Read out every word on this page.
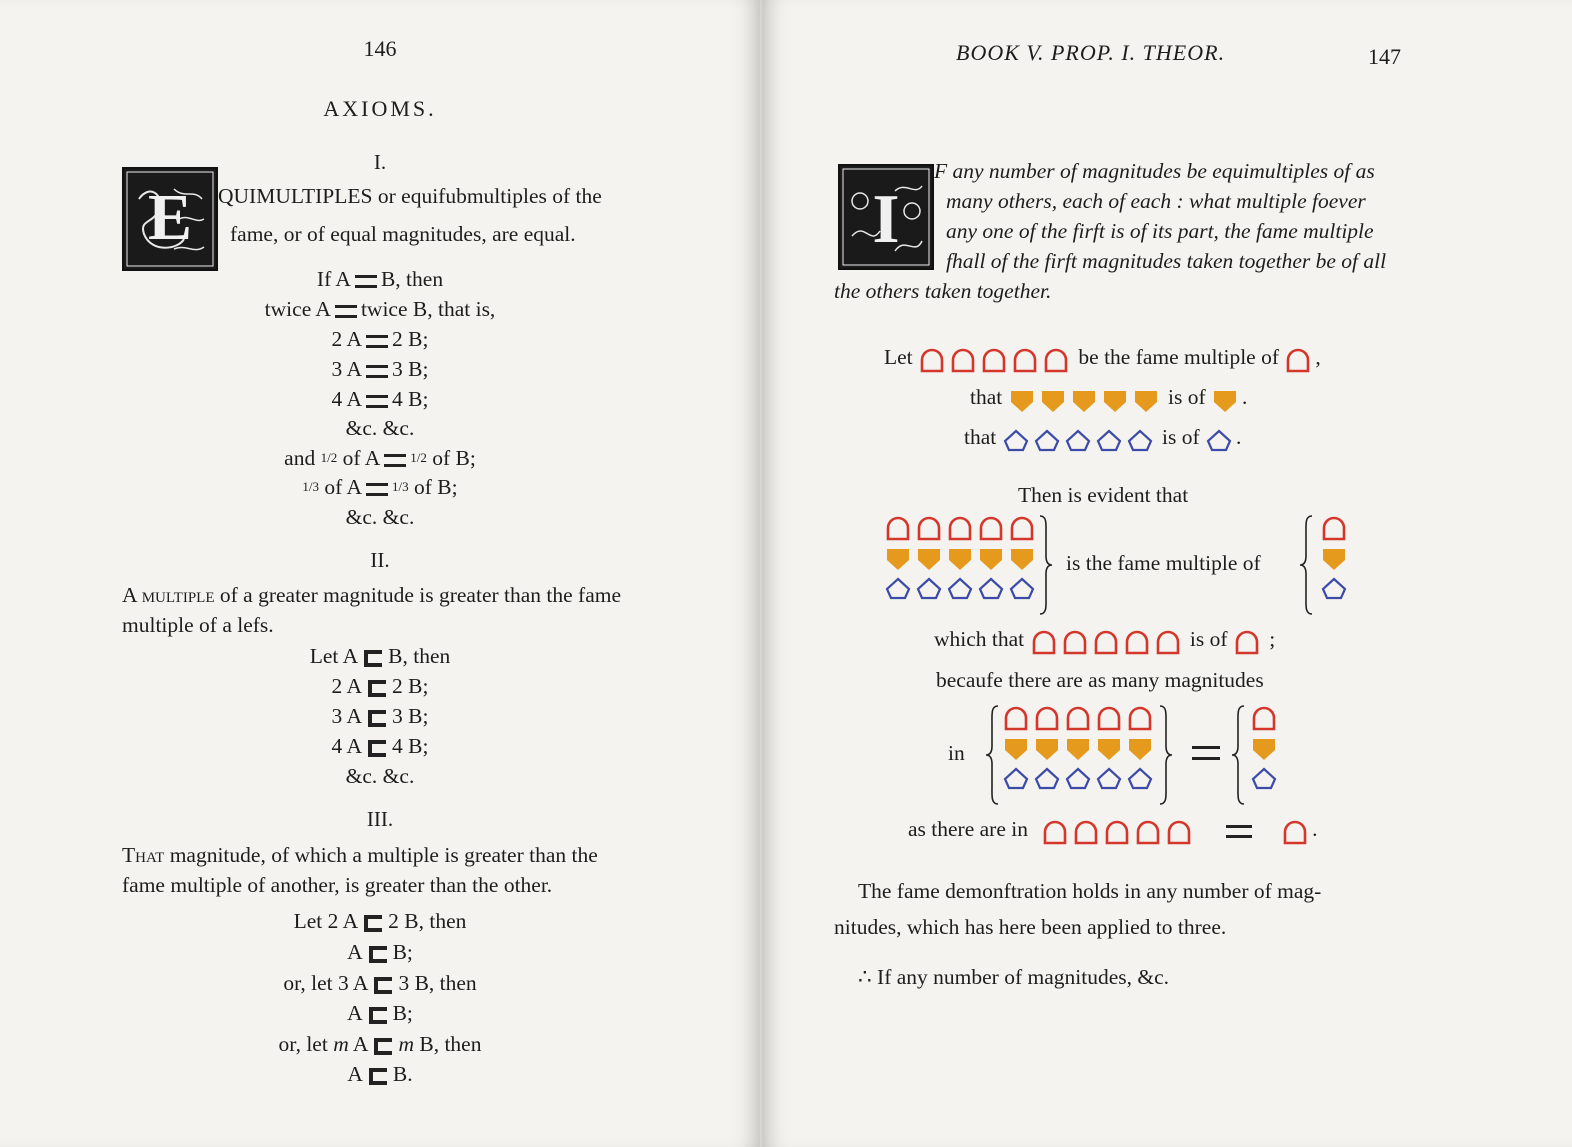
146
AXIOMS.
I.
E QUIMULTIPLES or equifubmultiples of the
fame, or of equal magnitudes, are equal.
If A B, then
twice A twice B, that is,
2 A 2 B;
3 A 3 B;
4 A 4 B;
&c. &c.
and 1/2 of A 1/2 of B;
1/3 of A 1/3 of B;
&c. &c.
II.
A multiple of a greater magnitude is greater than the fame
multiple of a lefs.
Let A B, then
2 A 2 B;
3 A 3 B;
4 A 4 B;
&c. &c.
III.
That magnitude, of which a multiple is greater than the
fame multiple of another, is greater than the other.
Let 2 A 2 B, then
A B;
or, let 3 A 3 B, then
A B;
or, let m A m B, then
A B.
BOOK V. PROP. I. THEOR.	147
I
F any number of magnitudes be equimultiples of as
many others, each of each : what multiple foever
any one of the firft is of its part, the fame multiple
fhall of the firft magnitudes taken together be of all
the others taken together.
Let	be the fame multiple of ,
that	is of .
that	is of .
Then is evident that
is the fame multiple of
which that	is of ;
becaufe there are as many magnitudes
in
as there are in	.
The fame demonftration holds in any number of mag-
nitudes, which has here been applied to three.
∴ If any number of magnitudes, &c.
